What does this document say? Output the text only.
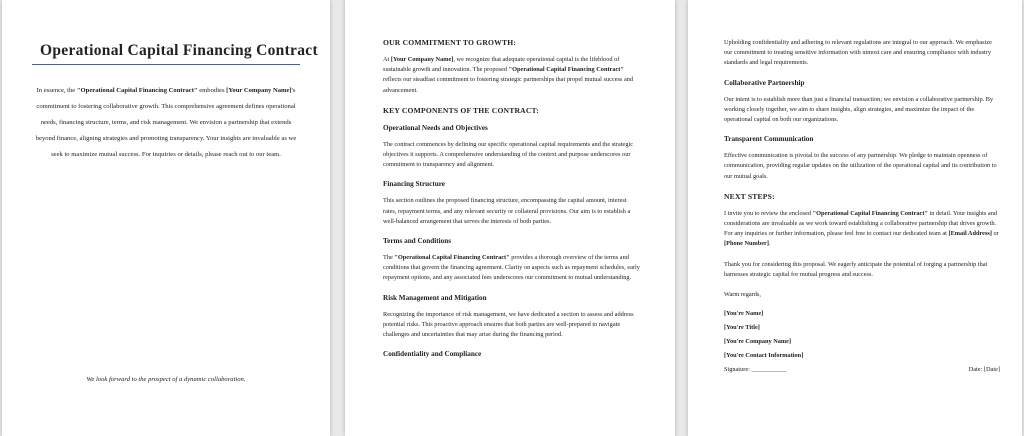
Operational Capital Financing Contract

In essence, the "Operational Capital Financing Contract" embodies [Your Company Name]'s commitment to fostering collaborative growth. This comprehensive agreement defines operational needs, financing structure, terms, and risk management. We envision a partnership that extends beyond finance, aligning strategies and promoting transparency. Your insights are invaluable as we seek to maximize mutual success. For inquiries or details, please reach out to our team.

We look forward to the prospect of a dynamic collaboration.
OUR COMMITMENT TO GROWTH:

At [Your Company Name], we recognize that adequate operational capital is the lifeblood of sustainable growth and innovation. The proposed "Operational Capital Financing Contract" reflects our steadfast commitment to fostering strategic partnerships that propel mutual success and advancement.

KEY COMPONENTS OF THE CONTRACT:
Operational Needs and Objectives

The contract commences by defining our specific operational capital requirements and the strategic objectives it supports. A comprehensive understanding of the context and purpose underscores our commitment to transparency and alignment.

Financing Structure

This section outlines the proposed financing structure, encompassing the capital amount, interest rates, repayment terms, and any relevant security or collateral provisions. Our aim is to establish a well-balanced arrangement that serves the interests of both parties.

Terms and Conditions

The "Operational Capital Financing Contract" provides a thorough overview of the terms and conditions that govern the financing agreement. Clarity on aspects such as repayment schedules, early repayment options, and any associated fees underscores our commitment to mutual understanding.

Risk Management and Mitigation

Recognizing the importance of risk management, we have dedicated a section to assess and address potential risks. This proactive approach ensures that both parties are well-prepared to navigate challenges and uncertainties that may arise during the financing period.

Confidentiality and Compliance

Upholding confidentiality and adhering to relevant regulations are integral to our approach. We emphasize our commitment to treating sensitive information with utmost care and ensuring compliance with industry standards and legal requirements.

Collaborative Partnership

Our intent is to establish more than just a financial transaction; we envision a collaborative partnership. By working closely together, we aim to share insights, align strategies, and maximize the impact of the operational capital on both our organizations.

Transparent Communication

Effective communication is pivotal to the success of any partnership. We pledge to maintain openness of communication, providing regular updates on the utilization of the operational capital and its contribution to our mutual goals.

NEXT STEPS:

I invite you to review the enclosed "Operational Capital Financing Contract" in detail. Your insights and considerations are invaluable as we work toward establishing a collaborative partnership that drives growth. For any inquiries or further information, please feel free to contact our dedicated team at [Email Address] or [Phone Number].

Thank you for considering this proposal. We eagerly anticipate the potential of forging a partnership that harnesses strategic capital for mutual progress and success.

Warm regards,

[You're Name]
[You're Title]
[You're Company Name]
[You're Contact Information]
Signature: ___________	Date: [Date]
